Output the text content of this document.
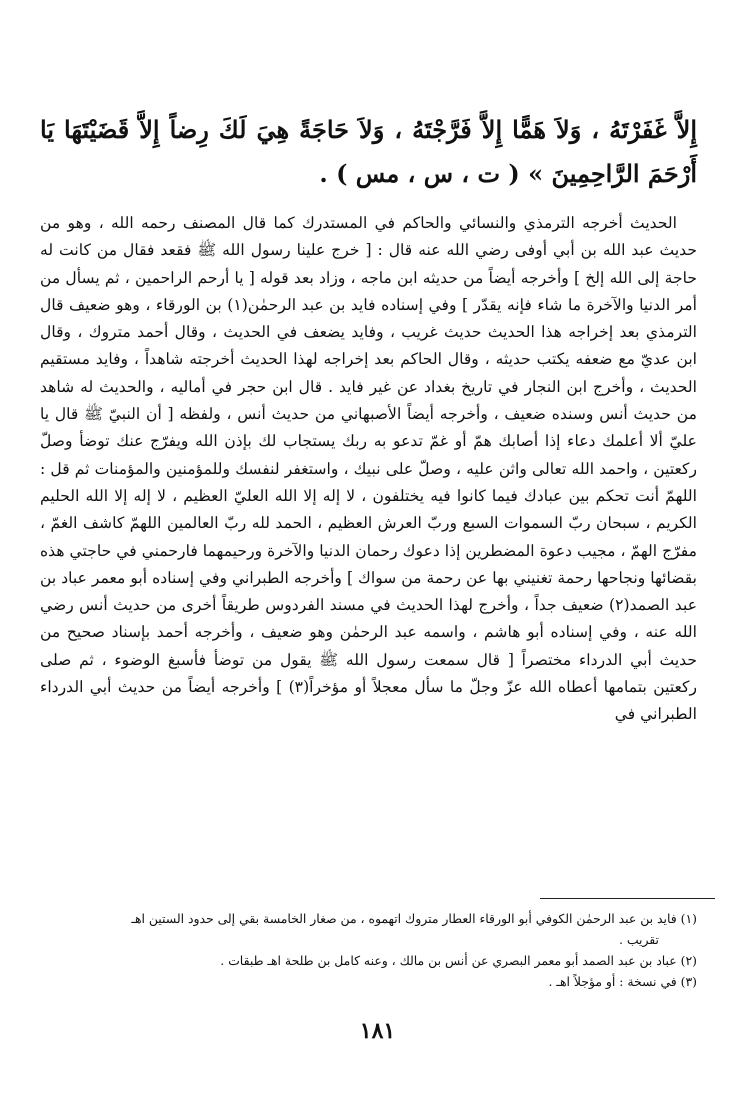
إِلاَّ غَفَرْتَهُ ، وَلاَ هَمًّا إِلاَّ فَرَّجْتَهُ ، وَلاَ حَاجَةً هِيَ لَكَ رِضاً إِلاَّ قَضَيْتَهَا يَا أَرْحَمَ الرَّاحِمِينَ » ( ت ، س ، مس ) .

الحديث أخرجه الترمذي والنسائي والحاكم في المستدرك كما قال المصنف رحمه الله ، وهو من حديث عبد الله بن أبي أوفى رضي الله عنه قال : [ خرج علينا رسول الله ﷺ فقعد فقال من كانت له حاجة إلى الله إلخ ] وأخرجه أيضاً من حديثه ابن ماجه ، وزاد بعد قوله [ يا أرحم الراحمين ، ثم يسأل من أمر الدنيا والآخرة ما شاء فإنه يقدّر ] وفي إسناده فايد بن عبد الرحمٰن(١) بن الورقاء ، وهو ضعيف قال الترمذي بعد إخراجه هذا الحديث حديث غريب ، وفايد يضعف في الحديث ، وقال أحمد متروك ، وقال ابن عديّ مع ضعفه يكتب حديثه ، وقال الحاكم بعد إخراجه لهذا الحديث أخرجته شاهداً ، وفايد مستقيم الحديث ، وأخرج ابن النجار في تاريخ بغداد عن غير فايد . قال ابن حجر في أماليه ، والحديث له شاهد من حديث أنس وسنده ضعيف ، وأخرجه أيضاً الأصبهاني من حديث أنس ، ولفظه [ أن النبيّ ﷺ قال يا عليّ ألا أعلمك دعاء إذا أصابك همّ أو غمّ تدعو به ربك يستجاب لك بإذن الله ويفرّج عنك توضأ وصلّ ركعتين ، واحمد الله تعالى واثن عليه ، وصلّ على نبيك ، واستغفر لنفسك وللمؤمنين والمؤمنات ثم قل : اللهمّ أنت تحكم بين عبادك فيما كانوا فيه يختلفون ، لا إله إلا الله العليّ العظيم ، لا إله إلا الله الحليم الكريم ، سبحان ربّ السموات السبع وربّ العرش العظيم ، الحمد لله ربّ العالمين اللهمّ كاشف الغمّ ، مفرّج الهمّ ، مجيب دعوة المضطرين إذا دعوك رحمان الدنيا والآخرة ورحيمهما فارحمني في حاجتي هذه بقضائها ونجاحها رحمة تغنيني بها عن رحمة من سواك ] وأخرجه الطبراني وفي إسناده أبو معمر عباد بن عبد الصمد(٢) ضعيف جداً ، وأخرج لهذا الحديث في مسند الفردوس طريقاً أخرى من حديث أنس رضي الله عنه ، وفي إسناده أبو هاشم ، واسمه عبد الرحمٰن وهو ضعيف ، وأخرجه أحمد بإسناد صحيح من حديث أبي الدرداء مختصراً [ قال سمعت رسول الله ﷺ يقول من توضأ فأسبغ الوضوء ، ثم صلى ركعتين بتمامها أعطاه الله عزّ وجلّ ما سأل معجلاً أو مؤخراً(٣) ] وأخرجه أيضاً من حديث أبي الدرداء الطبراني في

(١) فايد بن عبد الرحمٰن الكوفي أبو الورقاء العطار متروك اتهموه ، من صغار الخامسة بقي إلى حدود الستين اهـ

تقريب .

(٢) عباد بن عبد الصمد أبو معمر البصري عن أنس بن مالك ، وعنه كامل بن طلحة اهـ طبقات .

(٣) في نسخة : أو مؤجلاً اهـ .

١٨١
